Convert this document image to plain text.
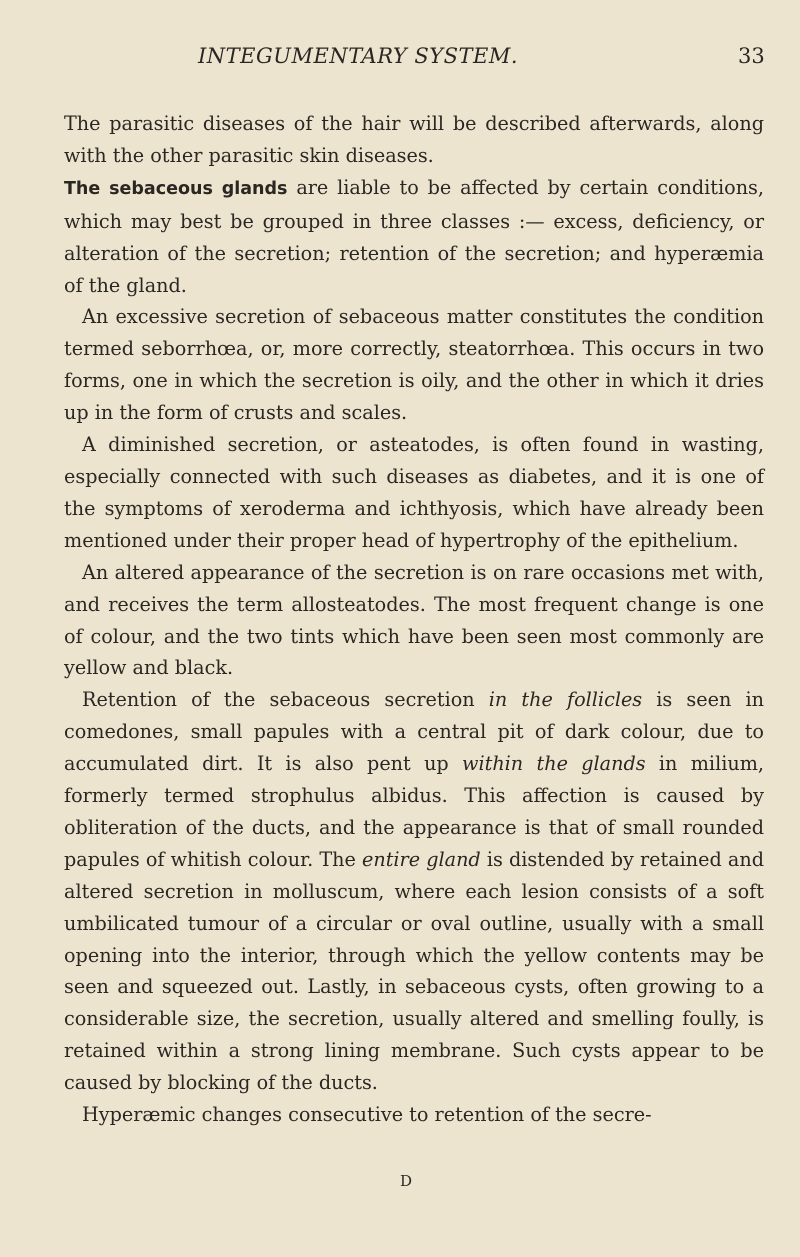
INTEGUMENTARY SYSTEM.	33

The parasitic diseases of the hair will be described afterwards, along with the other parasitic skin diseases.

The sebaceous glands are liable to be affected by certain conditions, which may best be grouped in three classes :— excess, deficiency, or alteration of the secretion; retention of the secretion; and hyperæmia of the gland.

An excessive secretion of sebaceous matter constitutes the condition termed seborrhœa, or, more correctly, steatorrhœa. This occurs in two forms, one in which the secretion is oily, and the other in which it dries up in the form of crusts and scales.

A diminished secretion, or asteatodes, is often found in wasting, especially connected with such diseases as diabetes, and it is one of the symptoms of xeroderma and ichthyosis, which have already been mentioned under their proper head of hypertrophy of the epithelium.

An altered appearance of the secretion is on rare occasions met with, and receives the term allosteatodes. The most frequent change is one of colour, and the two tints which have been seen most commonly are yellow and black.

Retention of the sebaceous secretion in the follicles is seen in comedones, small papules with a central pit of dark colour, due to accumulated dirt. It is also pent up within the glands in milium, formerly termed strophulus albidus. This affection is caused by obliteration of the ducts, and the appearance is that of small rounded papules of whitish colour. The entire gland is distended by retained and altered secretion in molluscum, where each lesion consists of a soft umbilicated tumour of a circular or oval outline, usually with a small opening into the interior, through which the yellow contents may be seen and squeezed out. Lastly, in sebaceous cysts, often growing to a considerable size, the secretion, usually altered and smelling foully, is retained within a strong lining membrane. Such cysts appear to be caused by blocking of the ducts.

Hyperæmic changes consecutive to retention of the secre-

D
